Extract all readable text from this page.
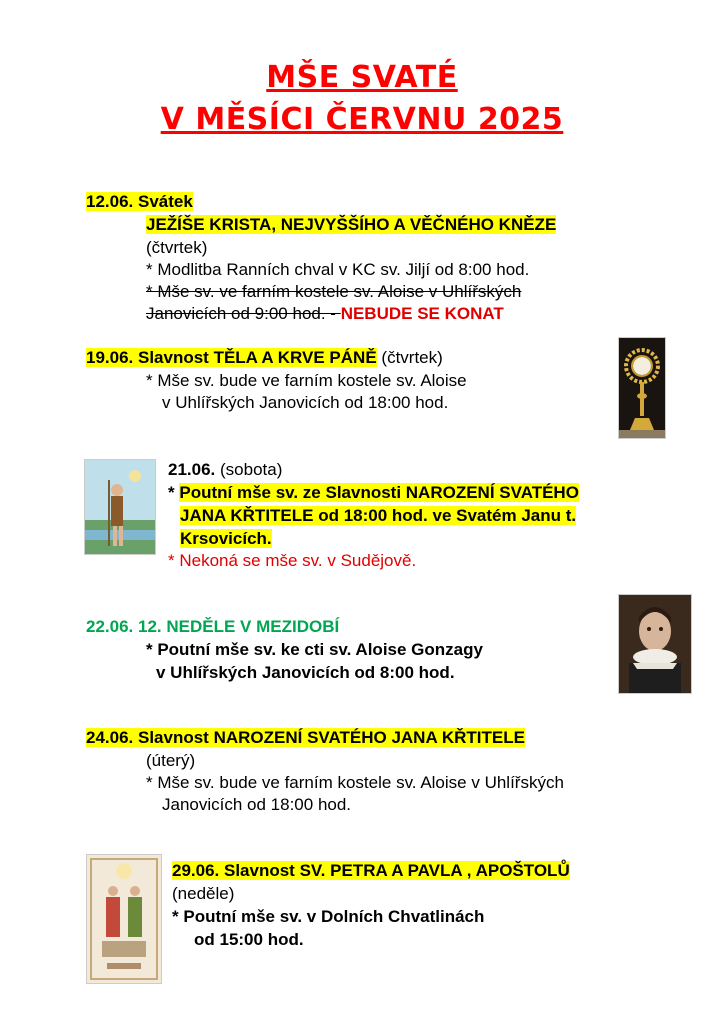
MŠE SVATÉ
V MĚSÍCI ČERVNU 2025
12.06. Svátek
JEŽÍŠE KRISTA, NEJVYŠŠÍHO A VĚČNÉHO KNĚZE
(čtvrtek)
* Modlitba Ranních chval v KC sv. Jiljí od 8:00 hod.
* Mše sv. ve farním kostele sv. Aloise v Uhlířských
Janovicích od 9:00 hod. - NEBUDE SE KONAT
19.06. Slavnost TĚLA A KRVE PÁNĚ (čtvrtek)
* Mše sv. bude ve farním kostele sv. Aloise
v Uhlířských Janovicích od 18:00 hod.
21.06. (sobota)
* Poutní mše sv. ze Slavnosti NAROZENÍ SVATÉHO
JANA KŘTITELE od 18:00 hod. ve Svatém Janu t.
Krsovicích.
* Nekoná se mše sv. v Sudějově.
22.06. 12. NEDĚLE V MEZIDOBÍ
* Poutní mše sv. ke cti sv. Aloise Gonzagy
v Uhlířských Janovicích od 8:00 hod.
24.06. Slavnost NAROZENÍ SVATÉHO JANA KŘTITELE
(úterý)
* Mše sv. bude ve farním kostele sv. Aloise v Uhlířských
Janovicích od 18:00 hod.
29.06. Slavnost SV. PETRA A PAVLA , APOŠTOLŮ
(neděle)
* Poutní mše sv. v Dolních Chvatlinách
od 15:00 hod.
